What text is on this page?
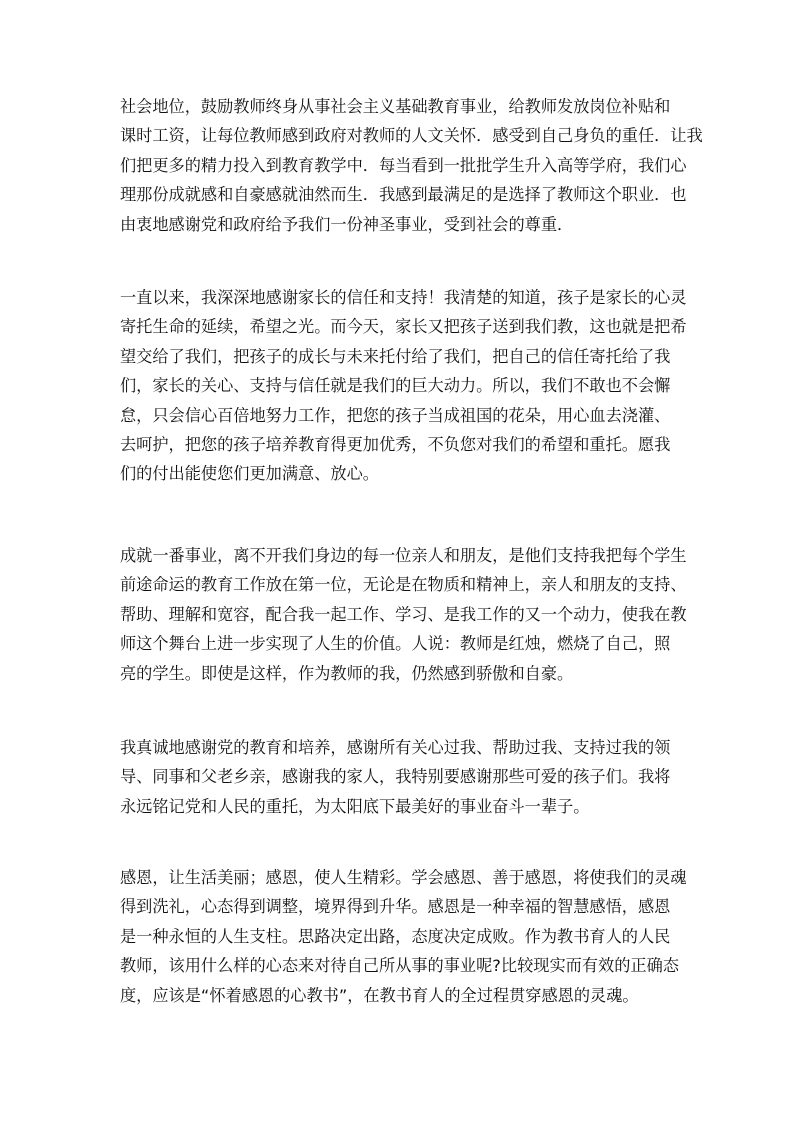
社会地位，鼓励教师终身从事社会主义基础教育事业，给教师发放岗位补贴和
课时工资，让每位教师感到政府对教师的人文关怀．感受到自己身负的重任．让我
们把更多的精力投入到教育教学中．每当看到一批批学生升入高等学府，我们心
理那份成就感和自豪感就油然而生．我感到最满足的是选择了教师这个职业．也
由衷地感谢党和政府给予我们一份神圣事业，受到社会的尊重．

一直以来，我深深地感谢家长的信任和支持！我清楚的知道，孩子是家长的心灵
寄托生命的延续，希望之光。而今天，家长又把孩子送到我们教，这也就是把希
望交给了我们，把孩子的成长与未来托付给了我们，把自己的信任寄托给了我
们，家长的关心、支持与信任就是我们的巨大动力。所以，我们不敢也不会懈
怠，只会信心百倍地努力工作，把您的孩子当成祖国的花朵，用心血去浇灌、
去呵护，把您的孩子培养教育得更加优秀，不负您对我们的希望和重托。愿我
们的付出能使您们更加满意、放心。

成就一番事业，离不开我们身边的每一位亲人和朋友，是他们支持我把每个学生
前途命运的教育工作放在第一位，无论是在物质和精神上，亲人和朋友的支持、
帮助、理解和宽容，配合我一起工作、学习、是我工作的又一个动力，使我在教
师这个舞台上进一步实现了人生的价值。人说：教师是红烛，燃烧了自己，照
亮的学生。即使是这样，作为教师的我，仍然感到骄傲和自豪。

我真诚地感谢党的教育和培养，感谢所有关心过我、帮助过我、支持过我的领
导、同事和父老乡亲，感谢我的家人，我特别要感谢那些可爱的孩子们。我将
永远铭记党和人民的重托，为太阳底下最美好的事业奋斗一辈子。

感恩，让生活美丽；感恩，使人生精彩。学会感恩、善于感恩，将使我们的灵魂
得到洗礼，心态得到调整，境界得到升华。感恩是一种幸福的智慧感悟，感恩
是一种永恒的人生支柱。思路决定出路，态度决定成败。作为教书育人的人民
教师，该用什么样的心态来对待自己所从事的事业呢?比较现实而有效的正确态
度，应该是“怀着感恩的心教书”，在教书育人的全过程贯穿感恩的灵魂。
